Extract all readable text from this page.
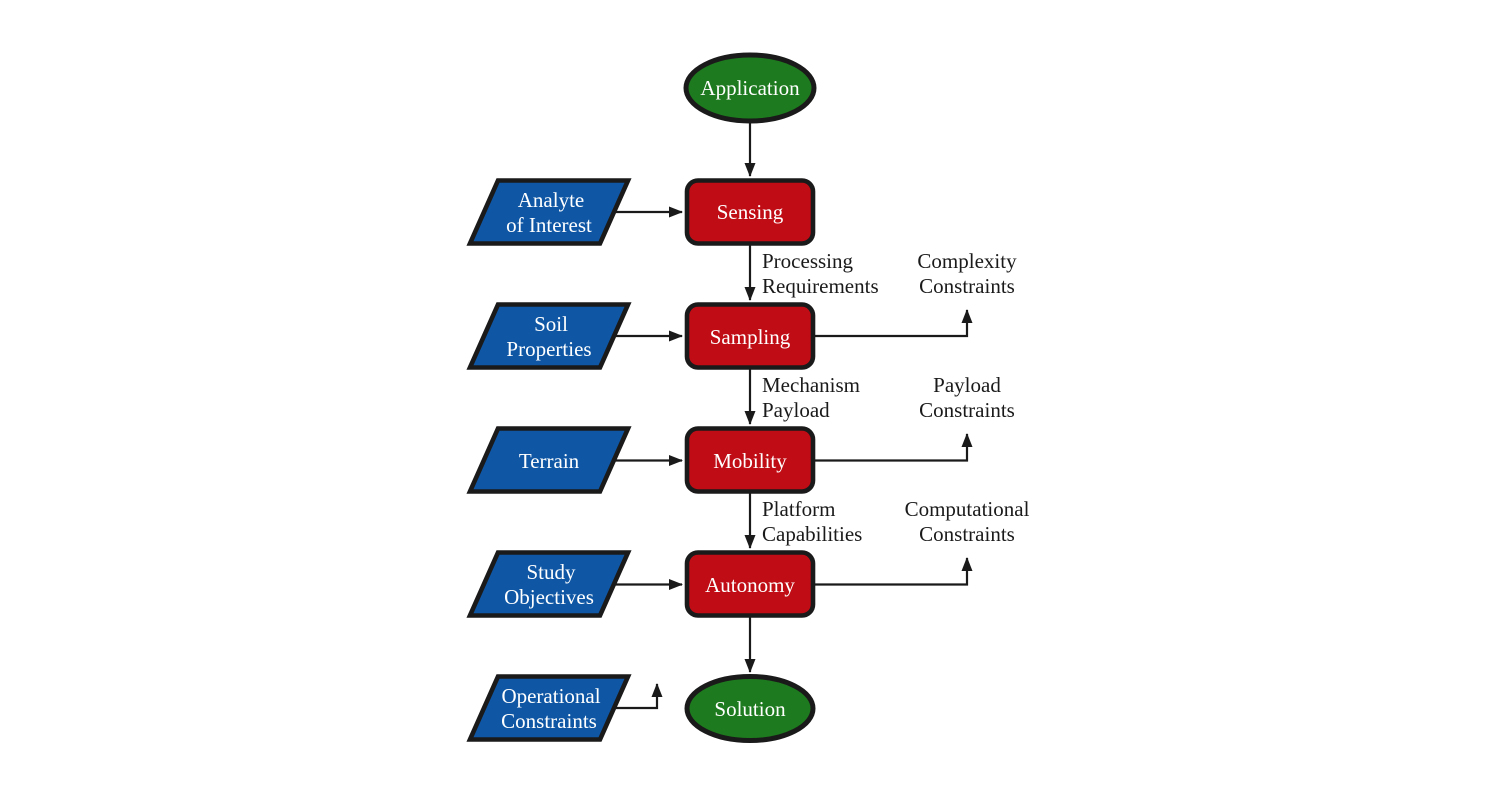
Application
Solution
Sensing
Sampling
Mobility
Autonomy
Analyte
of Interest
Soil
Properties
Terrain
Study
Objectives
Operational
Constraints
Processing
Requirements
Mechanism
Payload
Platform
Capabilities
Complexity
Constraints
Payload
Constraints
Computational
Constraints
